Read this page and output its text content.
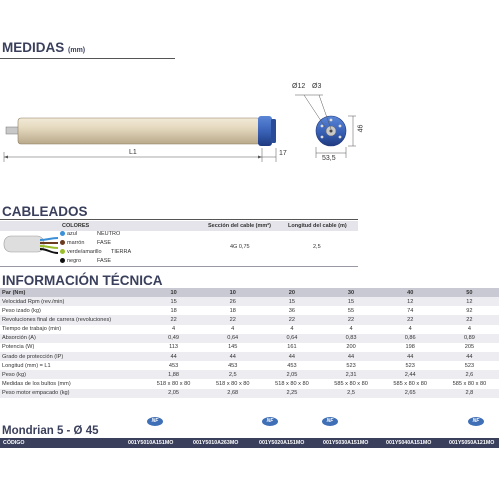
MEDIDAS (mm)
Ø12 Ø3
L1	17
46
53,5
CABLEADOS
COLORES	Sección del cable (mm²)	Longitud del cable (m)
azul	NEUTRO
marrón FASE
verde/amarillo TIERRA
negro	FASE
4G 0,75	2,5
INFORMACIÓN TÉCNICA
Par (Nm)	10	10	20	30	40	50
Velocidad Rpm (rev./min)	15	26	15	15	12	12
Peso izado (kg)	18	18	36	55	74	92
Revoluciones final de carrera (revoluciones)	22	22	22	22	22	22
Tiempo de trabajo (min)	4	4	4	4	4	4
Absorción (A)	0,49	0,64	0,64	0,83	0,86	0,89
Potencia (W)	113	145	161	200	198	205
Grado de protección (IP)	44	44	44	44	44	44
Longitud (mm) = L1	453	453	453	523	523	523
Peso (kg)	1,88	2,5	2,05	2,31	2,44	2,6
Medidas de los bultos (mm)	518 x 80 x 80	518 x 80 x 80	518 x 80 x 80	585 x 80 x 80	585 x 80 x 80	585 x 80 x 80
Peso motor empacado (kg)	2,05	2,68	2,25	2,5	2,65	2,8
Mondrian 5 - Ø 45
NF	NF	NF	NF
CÓDIGO	001Y5010A151MO	001Y5010A263MO	001Y5020A151MO	001Y5030A151MO	001Y5040A151MO	001Y5050A121MO
